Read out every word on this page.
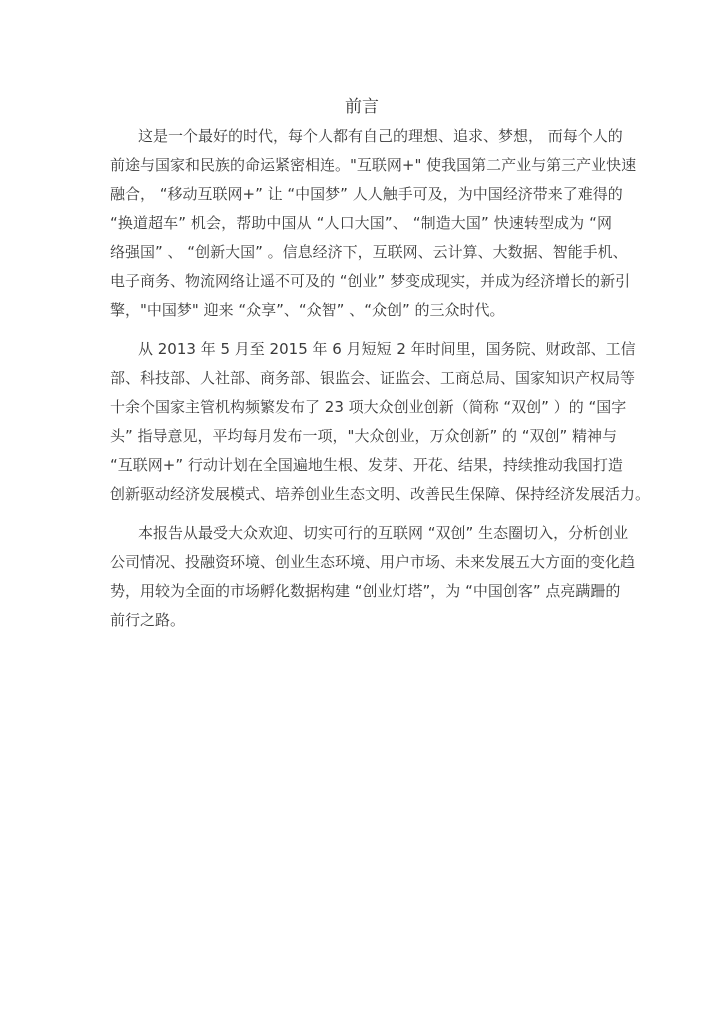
前言
这是一个最好的时代，每个人都有自己的理想、追求、梦想， 而每个人的
前途与国家和民族的命运紧密相连。"互联网+" 使我国第二产业与第三产业快速
融合， “移动互联网+” 让 “中国梦” 人人触手可及，为中国经济带来了难得的
“换道超车” 机会，帮助中国从 “人口大国”、 “制造大国” 快速转型成为 “网
络强国” 、 “创新大国” 。信息经济下，互联网、云计算、大数据、智能手机、
电子商务、物流网络让遥不可及的 “创业” 梦变成现实，并成为经济增长的新引
擎，"中国梦" 迎来 “众享”、“众智” 、“众创” 的三众时代。
从 2013 年 5 月至 2015 年 6 月短短 2 年时间里，国务院、财政部、工信
部、科技部、人社部、商务部、银监会、证监会、工商总局、国家知识产权局等
十余个国家主管机构频繁发布了 23 项大众创业创新（简称 “双创” ）的 “国字
头” 指导意见，平均每月发布一项，"大众创业，万众创新” 的 “双创” 精神与
“互联网+” 行动计划在全国遍地生根、发芽、开花、结果，持续推动我国打造
创新驱动经济发展模式、培养创业生态文明、改善民生保障、保持经济发展活力。
本报告从最受大众欢迎、切实可行的互联网 “双创” 生态圈切入，分析创业
公司情况、投融资环境、创业生态环境、用户市场、未来发展五大方面的变化趋
势，用较为全面的市场孵化数据构建 “创业灯塔”，为 “中国创客” 点亮蹒跚的
前行之路。
